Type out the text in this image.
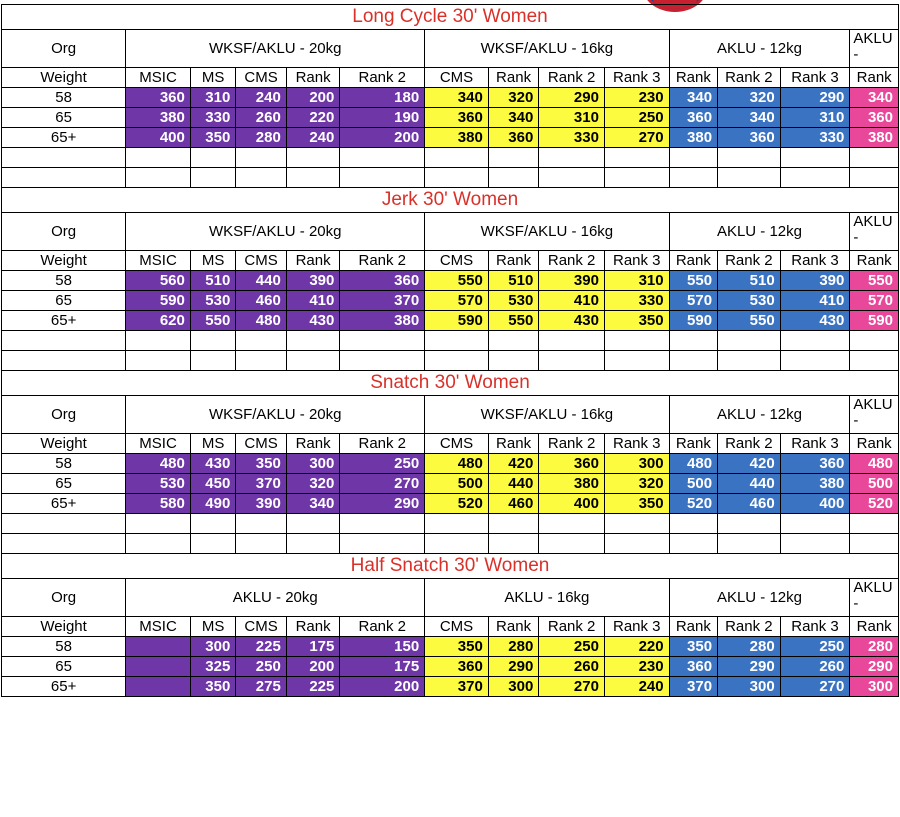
Long Cycle 30' Women													
Org	WKSF/AKLU - 20kg					WKSF/AKLU - 16kg				AKLU - 12kg			AKLU -
Weight	MSIC	MS	CMS	Rank	Rank 2	CMS	Rank	Rank 2	Rank 3	Rank	Rank 2	Rank 3	Rank
58	360	310	240	200	180	340	320	290	230	340	320	290	340
65	380	330	260	220	190	360	340	310	250	360	340	310	360
65+	400	350	280	240	200	380	360	330	270	380	360	330	380

Jerk 30' Women													
Org	WKSF/AKLU - 20kg					WKSF/AKLU - 16kg				AKLU - 12kg			AKLU -
Weight	MSIC	MS	CMS	Rank	Rank 2	CMS	Rank	Rank 2	Rank 3	Rank	Rank 2	Rank 3	Rank
58	560	510	440	390	360	550	510	390	310	550	510	390	550
65	590	530	460	410	370	570	530	410	330	570	530	410	570
65+	620	550	480	430	380	590	550	430	350	590	550	430	590

Snatch 30' Women													
Org	WKSF/AKLU - 20kg					WKSF/AKLU - 16kg				AKLU - 12kg			AKLU -
Weight	MSIC	MS	CMS	Rank	Rank 2	CMS	Rank	Rank 2	Rank 3	Rank	Rank 2	Rank 3	Rank
58	480	430	350	300	250	480	420	360	300	480	420	360	480
65	530	450	370	320	270	500	440	380	320	500	440	380	500
65+	580	490	390	340	290	520	460	400	350	520	460	400	520

Half Snatch 30' Women													
Org	AKLU - 20kg					AKLU - 16kg				AKLU - 12kg			AKLU -
Weight	MSIC	MS	CMS	Rank	Rank 2	CMS	Rank	Rank 2	Rank 3	Rank	Rank 2	Rank 3	Rank
58		300	225	175	150	350	280	250	220	350	280	250	280
65		325	250	200	175	360	290	260	230	360	290	260	290
65+		350	275	225	200	370	300	270	240	370	300	270	300
